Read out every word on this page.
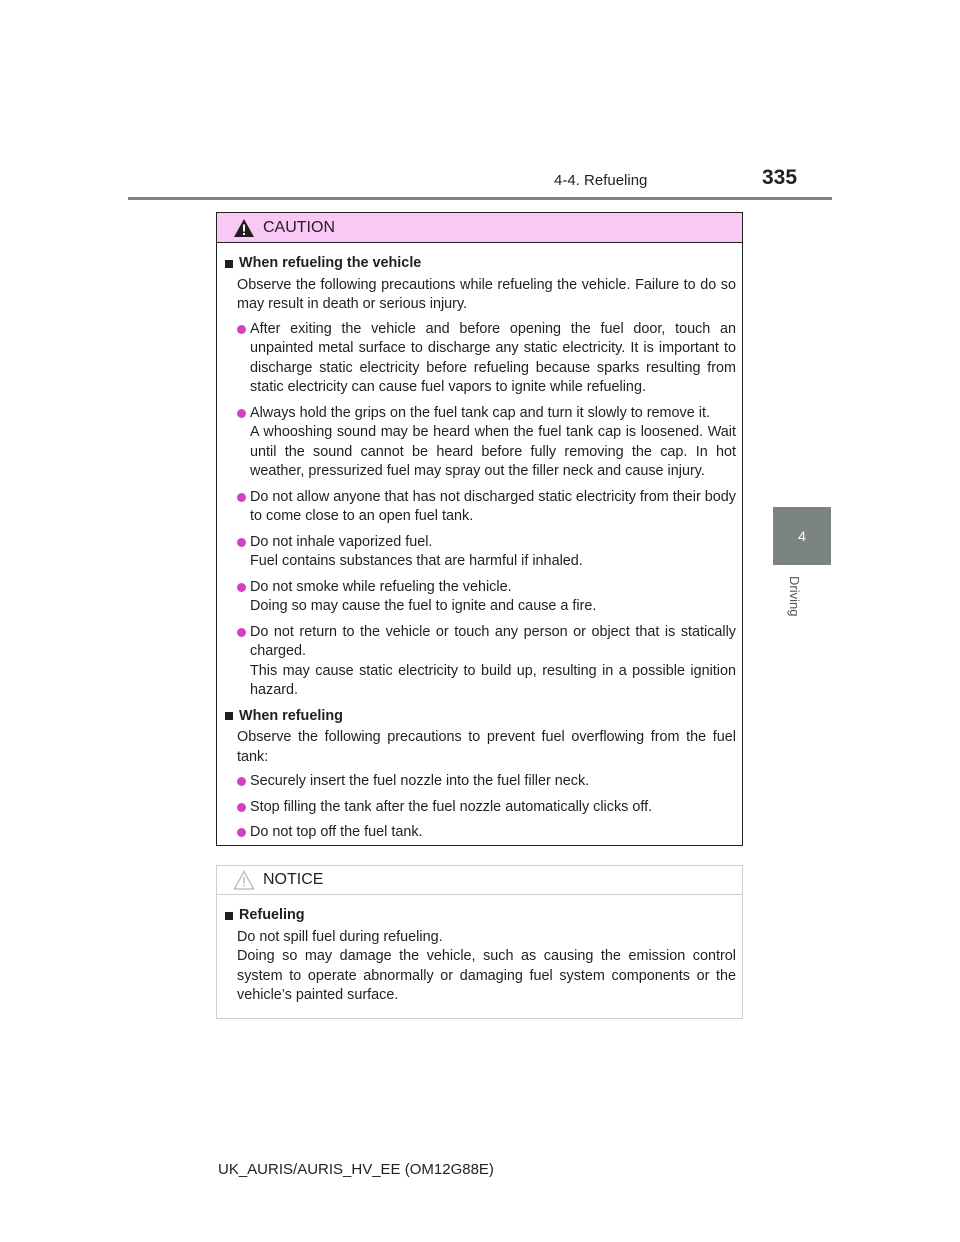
4-4. Refueling	335
4
Driving
CAUTION
When refueling the vehicle
Observe the following precautions while refueling the vehicle. Failure to do so may result in death or serious injury.
After exiting the vehicle and before opening the fuel door, touch an unpainted metal surface to discharge any static electricity. It is important to discharge static electricity before refueling because sparks resulting from static electricity can cause fuel vapors to ignite while refueling.
Always hold the grips on the fuel tank cap and turn it slowly to remove it.
A whooshing sound may be heard when the fuel tank cap is loosened. Wait until the sound cannot be heard before fully removing the cap. In hot weather, pressurized fuel may spray out the filler neck and cause injury.
Do not allow anyone that has not discharged static electricity from their body to come close to an open fuel tank.
Do not inhale vaporized fuel.
Fuel contains substances that are harmful if inhaled.
Do not smoke while refueling the vehicle.
Doing so may cause the fuel to ignite and cause a fire.
Do not return to the vehicle or touch any person or object that is statically charged.
This may cause static electricity to build up, resulting in a possible ignition hazard.
When refueling
Observe the following precautions to prevent fuel overflowing from the fuel tank:
Securely insert the fuel nozzle into the fuel filler neck.
Stop filling the tank after the fuel nozzle automatically clicks off.
Do not top off the fuel tank.
NOTICE
Refueling
Do not spill fuel during refueling.
Doing so may damage the vehicle, such as causing the emission control system to operate abnormally or damaging fuel system components or the vehicle’s painted surface.
UK_AURIS/AURIS_HV_EE (OM12G88E)
